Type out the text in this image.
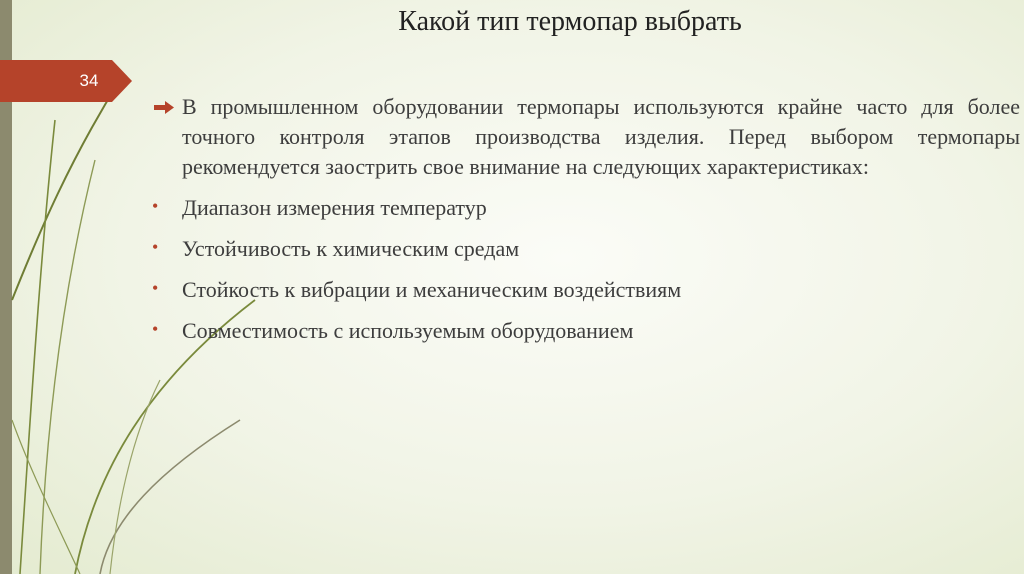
34
Какой тип термопар выбрать
В промышленном оборудовании термопары используются крайне часто для более точного контроля этапов производства изделия. Перед выбором термопары рекомендуется заострить свое внимание на следующих характеристиках:
• Диапазон измерения температур
• Устойчивость к химическим средам
• Стойкость к вибрации и механическим воздействиям
• Совместимость с используемым оборудованием
